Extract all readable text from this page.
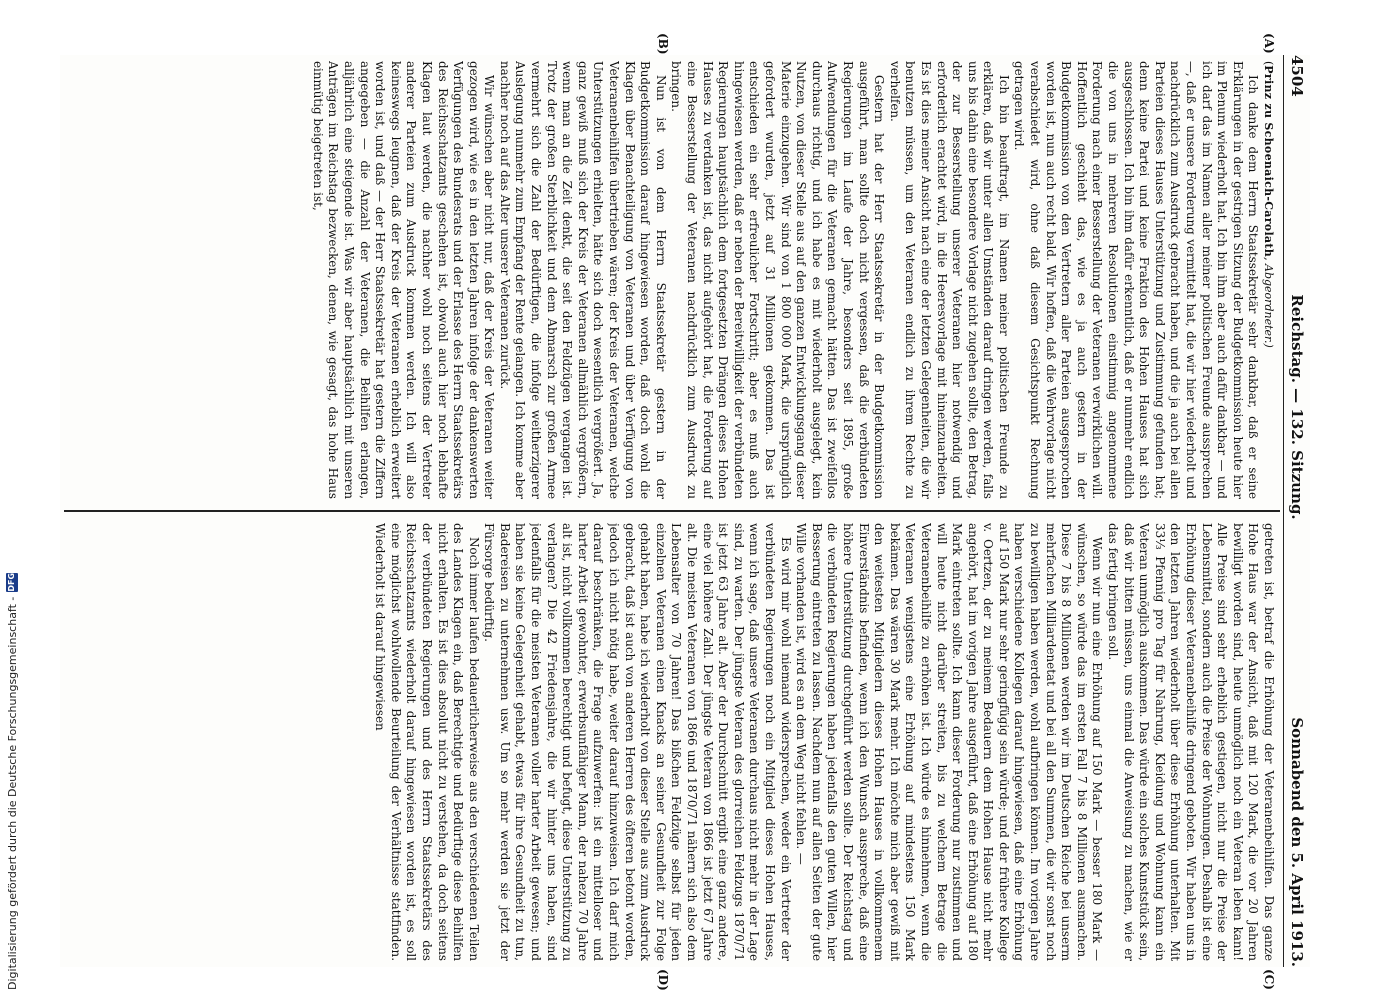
4504
Reichstag. — 132. Sitzung.
Sonnabend den 5. April 1913.
(Prinz zu Schoenaich-Carolath, Abgeordneter.)

Ich danke dem Herrn Staatssekretär sehr dankbar, daß er seine Erklärungen in der gestrigen Sitzung der Budgetkommission heute hier im Plenum wiederholt hat. Ich bin ihm aber auch dafür dankbar — und ich darf das im Namen aller meiner politischen Freunde aussprechen —, daß er unsere Forderung vermittelt hat, die wir hier wiederholt und nachdrücklich zum Ausdruck gebracht haben, und die ja auch bei allen Parteien dieses Hauses Unterstützung und Zustimmung gefunden hat; denn keine Partei und keine Fraktion des Hohen Hauses hat sich ausgeschlossen. Ich bin ihm dafür erkenntlich, daß er nunmehr endlich die von uns in mehreren Resolutionen einstimmig angenommene Forderung nach einer Besserstellung der Veteranen verwirklichen will. Hoffentlich geschieht das, wie es ja auch gestern in der Budgetkommission von den Vertretern aller Parteien ausgesprochen worden ist, nun auch recht bald. Wir hoffen, daß die Wehrvorlage nicht verabschiedet wird, ohne daß diesem Gesichtspunkt Rechnung getragen wird.

Ich bin beauftragt, im Namen meiner politischen Freunde zu erklären, daß wir unter allen Umständen darauf dringen werden, falls uns bis dahin eine besondere Vorlage nicht zugehen sollte, den Betrag, der zur Besserstellung unserer Veteranen hier notwendig und erforderlich erachtet wird, in die Heeresvorlage mit hineinzuarbeiten. Es ist dies meiner Ansicht nach eine der letzten Gelegenheiten, die wir benutzen müssen, um den Veteranen endlich zu ihrem Rechte zu verhelfen.

Gestern hat der Herr Staatssekretär in der Budgetkommission ausgeführt, man sollte doch nicht vergessen, daß die verbündeten Regierungen im Laufe der Jahre, besonders seit 1895, große Aufwendungen für die Veteranen gemacht hätten. Das ist zweifellos durchaus richtig, und ich habe es mit wiederholt ausgelegt, kein Nutzen, von dieser Stelle aus auf den ganzen Entwicklungsgang dieser Materie einzugehen. Wir sind von 1 800 000 Mark, die ursprünglich gefordert wurden, jetzt auf 31 Millionen gekommen. Das ist entschieden ein sehr erfreulicher Fortschritt; aber es muß auch hingewiesen werden, daß er neben der Bereitwilligkeit der verbündeten Regierungen hauptsächlich dem fortgesetzten Drängen dieses Hohen Hauses zu verdanken ist, das nicht aufgehört hat, die Forderung auf eine Besserstellung der Veteranen nachdrücklich zum Ausdruck zu bringen.

Nun ist von dem Herrn Staatssekretär gestern in der Budgetkommission darauf hingewiesen worden, daß doch wohl die Klagen über Benachteiligung von Veteranen und über Verfügung von Veteranenbeihilfen übertrieben wären; der Kreis der Veteranen, welche Unterstützungen erhielten, hätte sich doch wesentlich vergrößert. Ja, ganz gewiß muß sich der Kreis der Veteranen allmählich vergrößern, wenn man an die Zeit denkt, die seit den Feldzügen vergangen ist. Trotz der großen Sterblichkeit und dem Abmarsch zur großen Armee vermehrt sich die Zahl der Bedürftigen, die infolge weitherzigerer Auslegung nunmehr zum Empfang der Rente gelangen. Ich komme aber nachher noch auf das Alter unserer Veteranen zurück.

Wir wünschen aber nicht nur, daß der Kreis der Veteranen weiter gezogen wird, wie es in den letzten Jahren infolge der dankenswerten Verfügungen des Bundesrats und der Erlasse des Herrn Staatssekretärs des Reichsschatzamts geschehen ist, obwohl auch hier noch lebhafte Klagen laut werden, die nachher wohl noch seitens der Vertreter anderer Parteien zum Ausdruck kommen werden. Ich will also keineswegs leugnen, daß der Kreis der Veteranen erheblich erweitert worden ist, und daß — der Herr Staatssekretär hat gestern die Ziffern angegeben — die Anzahl der Veteranen, die Beihilfen erlangen, alljährlich eine steigende ist. Was wir aber hauptsächlich mit unseren Anträgen im Reichstag bezwecken, denen, wie gesagt, das hohe Haus einmütig beigetreten ist,

getreten ist, betraf die Erhöhung der Veteranenbeihilfen. Das ganze Hohe Haus war der Ansicht, daß mit 120 Mark, die vor 20 Jahren bewilligt worden sind, heute unmöglich noch ein Veteran leben kann! Alle Preise sind sehr erheblich gestiegen, nicht nur die Preise der Lebensmittel, sondern auch die Preise der Wohnungen. Deshalb ist eine Erhöhung dieser Veteranenbeihilfe dringend geboten. Wir haben uns in den letzten Jahren wiederholt über diese Erhöhung unterhalten. Mit 33⅓ Pfennig pro Tag für Nahrung, Kleidung und Wohnung kann ein Veteran unmöglich auskommen. Das würde ein solches Kunststück sein, daß wir bitten müssen, uns einmal die Anweisung zu machen, wie er das fertig bringen soll.

Wenn wir nun eine Erhöhung auf 150 Mark — besser 180 Mark — wünschen, so würde das im ersten Fall 7 bis 8 Millionen ausmachen. Diese 7 bis 8 Millionen werden wir im Deutschen Reiche bei unserm mehrfachen Milliardenetat und bei all den Summen, die wir sonst noch zu bewilligen haben werden, wohl aufbringen können. Im vorigen Jahre haben verschiedene Kollegen darauf hingewiesen, daß eine Erhöhung auf 150 Mark nur sehr geringfügig sein würde; und der frühere Kollege v. Oertzen, der zu meinem Bedauern dem Hohen Hause nicht mehr angehört, hat im vorigen Jahre ausgeführt, daß eine Erhöhung auf 180 Mark eintreten sollte. Ich kann dieser Forderung nur zustimmen und will heute nicht darüber streiten, bis zu welchem Betrage die Veteranenbeihilfe zu erhöhen ist. Ich würde es hinnehmen, wenn die Veteranen wenigstens eine Erhöhung auf mindestens 150 Mark bekämen. Das wären 30 Mark mehr. Ich möchte mich aber gewiß mit den weitesten Mitgliedern dieses Hohen Hauses in vollkommenem Einverständnis befinden, wenn ich den Wunsch ausspreche, daß eine höhere Unterstützung durchgeführt werden sollte. Der Reichstag und die verbündeten Regierungen haben jedenfalls den guten Willen, hier Besserung eintreten zu lassen. Nachdem nun auf allen Seiten der gute Wille vorhanden ist, wird es an dem Weg nicht fehlen. —

Es wird mir wohl niemand widersprechen, weder ein Vertreter der verbündeten Regierungen noch ein Mitglied dieses Hohen Hauses, wenn ich sage, daß unsere Veteranen durchaus nicht mehr in der Lage sind, zu warten. Der jüngste Veteran des glorreichen Feldzugs 1870/71 ist jetzt 63 Jahre alt. Aber der Durchschnitt ergibt eine ganz andere, eine viel höhere Zahl. Der jüngste Veteran von 1866 ist jetzt 67 Jahre alt. Die meisten Veteranen von 1866 und 1870/71 nähern sich also dem Lebensalter von 70 Jahren! Das bißchen Feldzüge selbst für jeden einzelnen Veteranen einen Knacks an seiner Gesundheit zur Folge gehabt haben, habe ich wiederholt von dieser Stelle aus zum Ausdruck gebracht, daß ist auch von anderen Herren des öfteren betont worden, jedoch ich nicht nötig habe, weiter darauf hinzuweisen. Ich darf mich darauf beschränken, die Frage aufzuwerfen: ist ein mittelloser und harter Arbeit gewohnter, erwerbsunfähiger Mann, der nahezu 70 Jahre alt ist, nicht vollkommen berechtigt und befugt, diese Unterstützung zu verlangen? Die 42 Friedensjahre, die wir hinter uns haben, sind jedenfalls für die meisten Veteranen voller harter Arbeit gewesen; und haben sie keine Gelegenheit gehabt, etwas für ihre Gesundheit zu tun, Badereisen zu unternehmen usw. Um so mehr werden sie jetzt der Fürsorge bedürftig.

Noch immer laufen bedauerlicherweise aus den verschiedenen Teilen des Landes Klagen ein, daß Berechtigte und Bedürftige diese Beihilfen nicht erhalten. Es ist dies absolut nicht zu verstehen, da doch seitens der verbündeten Regierungen und des Herrn Staatssekretärs des Reichsschatzamts wiederholt darauf hingewiesen worden ist, es soll eine möglichst wohlwollende Beurteilung der Verhältnisse stattfinden. Wiederholt ist darauf hingewiesen

(A)
(B)
(C)
(D)
Digitalisierung gefördert durch die Deutsche Forschungsgemeinschaft -
DFG
